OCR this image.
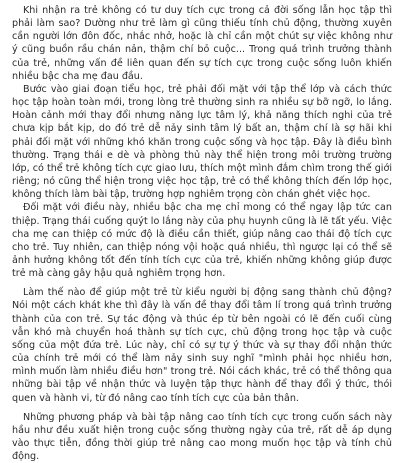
Khi nhận ra trẻ không có tư duy tích cực trong cả đời sống lẫn học tập thì phải làm sao? Dường như trẻ làm gì cũng thiếu tính chủ động, thường xuyên cần người lớn đôn đốc, nhắc nhở, hoặc là chỉ cần một chút sự việc không như ý cũng buồn rầu chán nản, thậm chí bỏ cuộc... Trong quá trình trưởng thành của trẻ, những vấn đề liên quan đến sự tích cực trong cuộc sống luôn khiến nhiều bậc cha mẹ đau đầu.

Bước vào giai đoạn tiểu học, trẻ phải đối mặt với tập thể lớp và cách thức học tập hoàn toàn mới, trong lòng trẻ thường sinh ra nhiều sự bỡ ngỡ, lo lắng. Hoàn cảnh mới thay đổi nhưng năng lực tâm lý, khả năng thích nghi của trẻ chưa kịp bắt kịp, do đó trẻ dễ nảy sinh tâm lý bất an, thậm chí là sợ hãi khi phải đối mặt với những khó khăn trong cuộc sống và học tập. Đây là điều bình thường. Trạng thái e dè và phòng thủ này thể hiện trong môi trường trường lớp, có thể trẻ không tích cực giao lưu, thích một mình đắm chìm trong thế giới riêng; nó cũng thể hiện trong việc học tập, trẻ có thể không thích đến lớp học, không thích làm bài tập, trường hợp nghiêm trọng còn chán ghét việc học.

Đối mặt với điều này, nhiều bậc cha mẹ chỉ mong có thể ngay lập tức can thiệp. Trạng thái cuống quýt lo lắng này của phụ huynh cũng là lẽ tất yếu. Việc cha mẹ can thiệp có mức độ là điều cần thiết, giúp nâng cao thái độ tích cực cho trẻ. Tuy nhiên, can thiệp nóng vội hoặc quá nhiều, thì ngược lại có thể sẽ ảnh hưởng không tốt đến tính tích cực của trẻ, khiến những không giúp được trẻ mà càng gây hậu quả nghiêm trọng hơn.

Làm thế nào để giúp một trẻ từ kiểu người bị động sang thành chủ động? Nói một cách khát khe thì đây là vấn đề thay đổi tâm lí trong quá trình trưởng thành của con trẻ. Sự tác động và thúc ép từ bên ngoài có lẽ đến cuối cùng vẫn khó mà chuyển hoá thành sự tích cực, chủ động trong học tập và cuộc sống của một đứa trẻ. Lúc này, chỉ có sự tự ý thức và sự thay đổi nhận thức của chính trẻ mới có thể làm nảy sinh suy nghĩ "mình phải học nhiều hơn, mình muốn làm nhiều điều hơn" trong trẻ. Nói cách khác, trẻ có thể thông qua những bài tập về nhận thức và luyện tập thực hành để thay đổi ý thức, thói quen và hành vi, từ đó nâng cao tính tích cực của bản thân.

Những phương pháp và bài tập nâng cao tính tích cực trong cuốn sách này hầu như đều xuất hiện trong cuộc sống thường ngày của trẻ, rất dễ áp dụng vào thực tiễn, đồng thời giúp trẻ nâng cao mong muốn học tập và tính chủ động.
